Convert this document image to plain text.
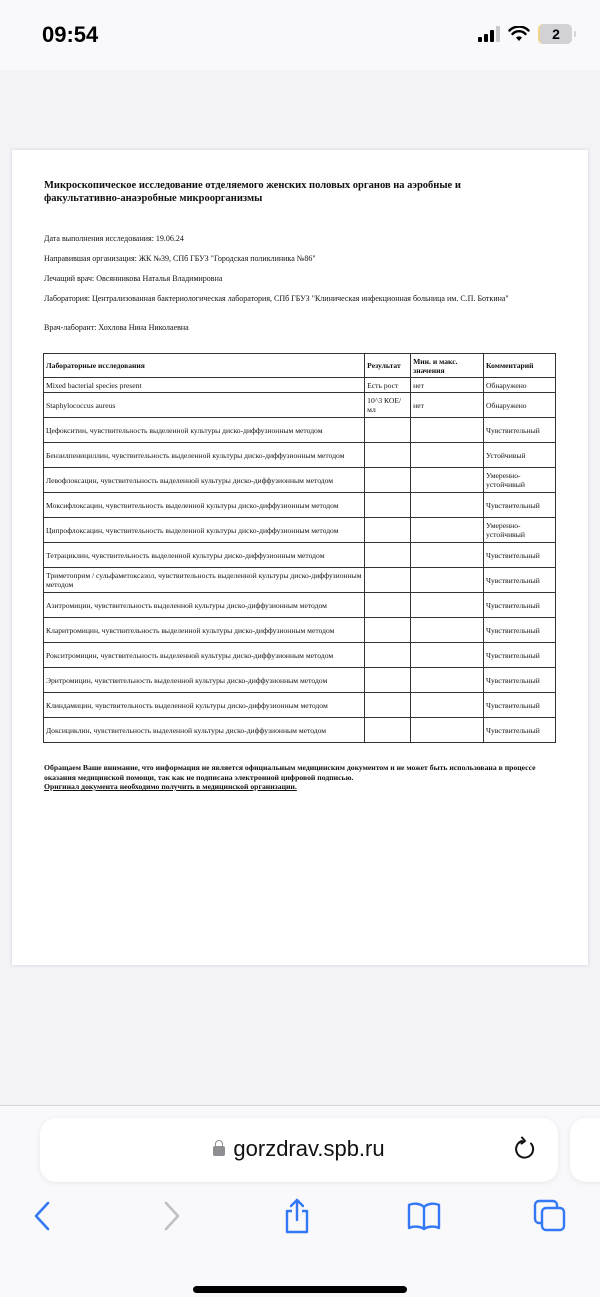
09:54	2
Микроскопическое исследование отделяемого женских половых органов на аэробные и факультативно-анаэробные микроорганизмы
Дата выполнения исследования: 19.06.24
Направившая организация: ЖК №39, СПб ГБУЗ "Городская поликлиника №86"
Лечащий врач: Овсянникова Наталья Владимировна
Лаборатория: Централизованная бактериологическая лаборатория, СПб ГБУЗ "Клиническая инфекционная больница им. С.П. Боткина"
Врач-лаборант: Хохлова Нина Николаевна
Лабораторные исследования	Результат	Мин. и макс. значения	Комментарий
Mixed bacterial species present	Есть рост	нет	Обнаружено
Staphylococcus aureus	10^3 КОЕ/мл	нет	Обнаружено
Цефокситин, чувствительность выделенной культуры диско-диффузионным методом			Чувствительный
Бензилпенициллин, чувствительность выделенной культуры диско-диффузионным методом			Устойчивый
Левофлоксацин, чувствительность выделенной культуры диско-диффузионным методом			Умеренно-устойчивый
Моксифлоксацин, чувствительность выделенной культуры диско-диффузионным методом			Чувствительный
Ципрофлоксацин, чувствительность выделенной культуры диско-диффузионным методом			Умеренно-устойчивый
Тетрациклин, чувствительность выделенной культуры диско-диффузионным методом			Чувствительный
Триметоприм / сульфаметоксазол, чувствительность выделенной культуры диско-диффузионным методом			Чувствительный
Азитромицин, чувствительность выделенной культуры диско-диффузионным методом			Чувствительный
Кларитромицин, чувствительность выделенной культуры диско-диффузионным методом			Чувствительный
Рокситромицин, чувствительность выделенной культуры диско-диффузионным методом			Чувствительный
Эритромицин, чувствительность выделенной культуры диско-диффузионным методом			Чувствительный
Клиндамицин, чувствительность выделенной культуры диско-диффузионным методом			Чувствительный
Доксициклин, чувствительность выделенной культуры диско-диффузионным методом			Чувствительный
Обращаем Ваше внимание, что информация не является официальным медицинским документом и не может быть использована в процессе оказания медицинской помощи, так как не подписана электронной цифровой подписью.
Оригинал документа необходимо получить в медицинской организации.
gorzdrav.spb.ru
